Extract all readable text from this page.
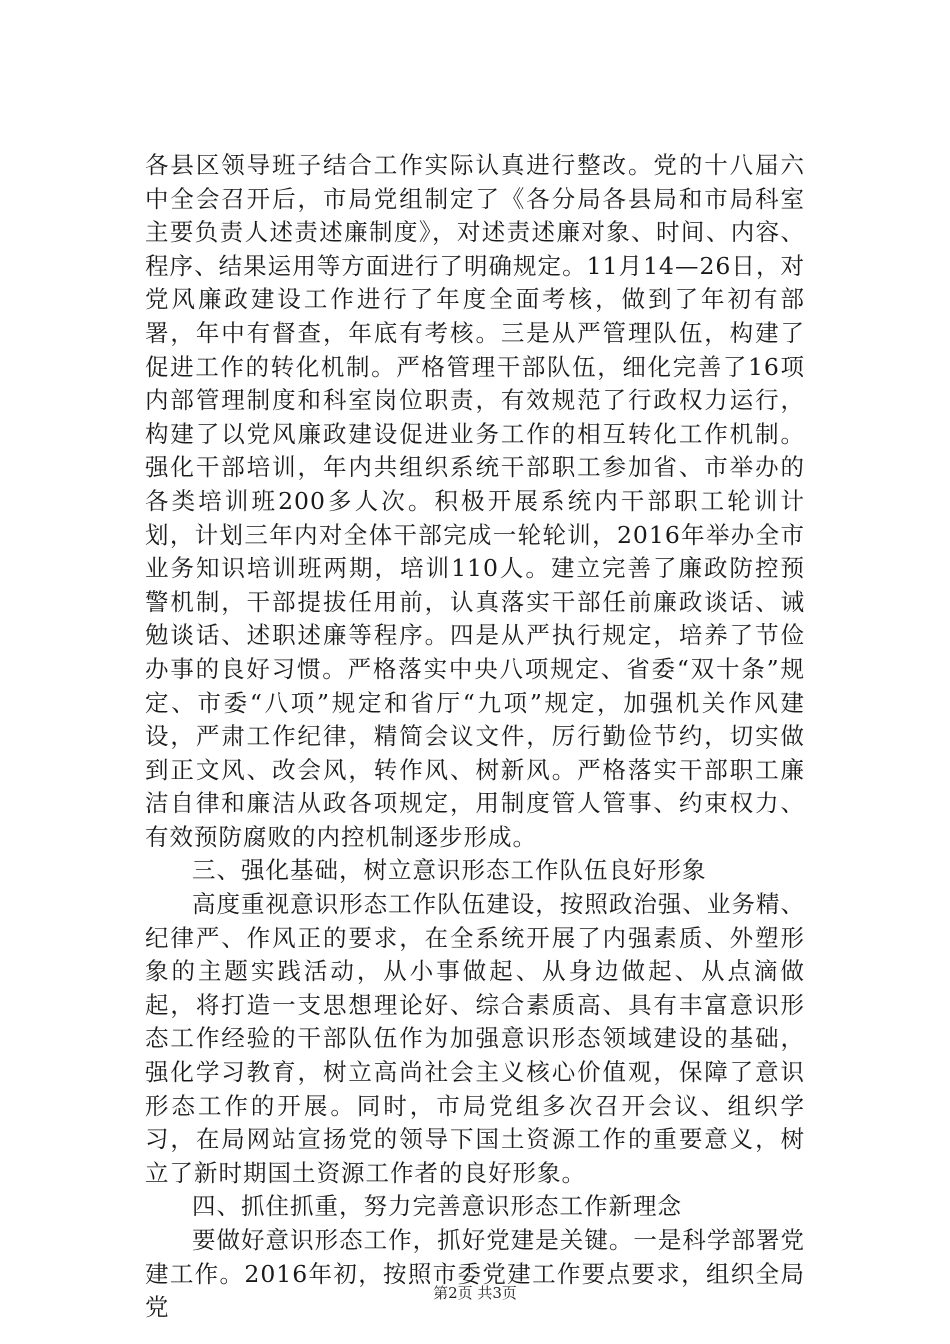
各县区领导班子结合工作实际认真进行整改。党的十八届六中全会召开后，市局党组制定了《各分局各县局和市局科室主要负责人述责述廉制度》，对述责述廉对象、时间、内容、程序、结果运用等方面进行了明确规定。11月14—26日，对党风廉政建设工作进行了年度全面考核，做到了年初有部署，年中有督查，年底有考核。三是从严管理队伍，构建了促进工作的转化机制。严格管理干部队伍，细化完善了16项内部管理制度和科室岗位职责，有效规范了行政权力运行，构建了以党风廉政建设促进业务工作的相互转化工作机制。强化干部培训，年内共组织系统干部职工参加省、市举办的各类培训班200多人次。积极开展系统内干部职工轮训计划，计划三年内对全体干部完成一轮轮训，2016年举办全市业务知识培训班两期，培训110人。建立完善了廉政防控预警机制，干部提拔任用前，认真落实干部任前廉政谈话、诫勉谈话、述职述廉等程序。四是从严执行规定，培养了节俭办事的良好习惯。严格落实中央八项规定、省委“双十条”规定、市委“八项”规定和省厅“九项”规定，加强机关作风建设，严肃工作纪律，精简会议文件，厉行勤俭节约，切实做到正文风、改会风，转作风、树新风。严格落实干部职工廉洁自律和廉洁从政各项规定，用制度管人管事、约束权力、有效预防腐败的内控机制逐步形成。

三、强化基础，树立意识形态工作队伍良好形象

高度重视意识形态工作队伍建设，按照政治强、业务精、纪律严、作风正的要求，在全系统开展了内强素质、外塑形象的主题实践活动，从小事做起、从身边做起、从点滴做起，将打造一支思想理论好、综合素质高、具有丰富意识形态工作经验的干部队伍作为加强意识形态领域建设的基础，强化学习教育，树立高尚社会主义核心价值观，保障了意识形态工作的开展。同时，市局党组多次召开会议、组织学习，在局网站宣扬党的领导下国土资源工作的重要意义，树立了新时期国土资源工作者的良好形象。

四、抓住抓重，努力完善意识形态工作新理念

要做好意识形态工作，抓好党建是关键。一是科学部署党建工作。2016年初，按照市委党建工作要点要求，组织全局党

第2页 共3页
